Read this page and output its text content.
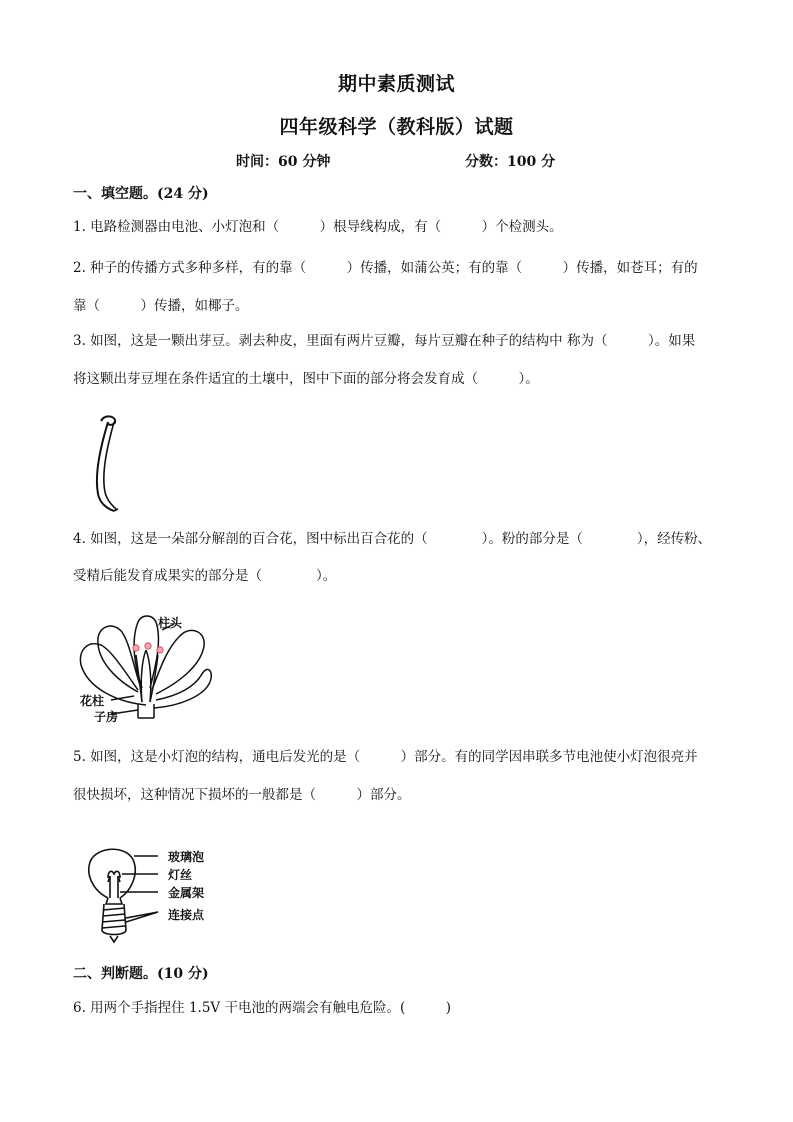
期中素质测试
四年级科学（教科版）试题
时间：60 分钟	分数：100 分
一、填空题。(24 分)
1. 电路检测器由电池、小灯泡和（　　　）根导线构成，有（　　　）个检测头。
2. 种子的传播方式多种多样，有的靠（　　　）传播，如蒲公英；有的靠（　　　）传播，如苍耳；有的
靠（　　　）传播，如椰子。
3. 如图，这是一颗出芽豆。剥去种皮，里面有两片豆瓣，每片豆瓣在种子的结构中 称为（　　　）。如果
将这颗出芽豆埋在条件适宜的土壤中，图中下面的部分将会发育成（　　　）。
4. 如图，这是一朵部分解剖的百合花，图中标出百合花的（　　　　）。粉的部分是（　　　　），经传粉、
受精后能发育成果实的部分是（　　　　）。
柱头
花柱
子房
5. 如图，这是小灯泡的结构，通电后发光的是（　　　）部分。有的同学因串联多节电池使小灯泡很亮并
很快损坏，这种情况下损坏的一般都是（　　　）部分。
玻璃泡
灯丝
金属架
连接点
二、判断题。(10 分)
6. 用两个手指捏住 1.5V 干电池的两端会有触电危险。(　　　)
